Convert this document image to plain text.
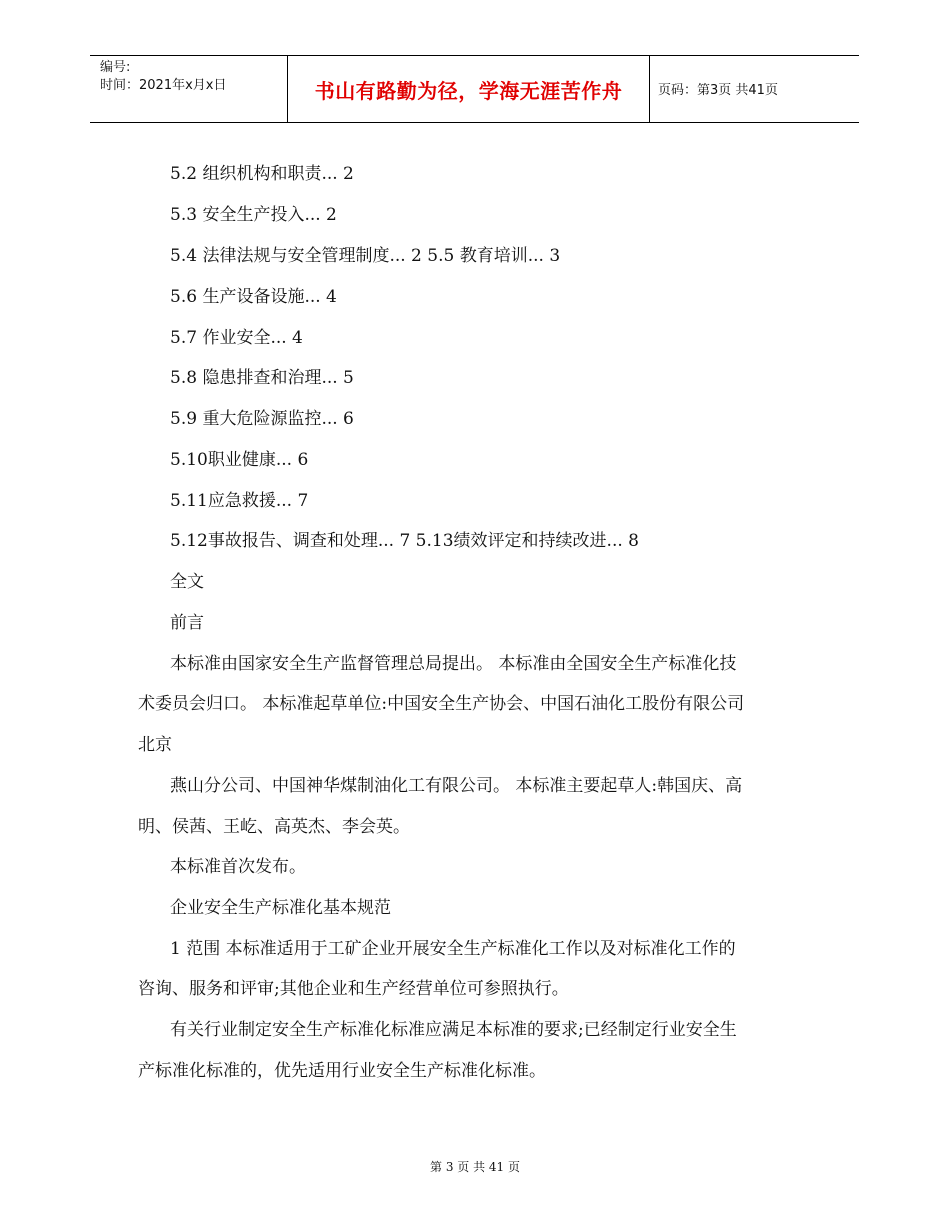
编号:
时间：2021年x月x日	书山有路勤为径，学海无涯苦作舟	页码：第3页 共41页
5.2 组织机构和职责... 2
5.3 安全生产投入... 2
5.4 法律法规与安全管理制度... 2 5.5 教育培训... 3
5.6 生产设备设施... 4
5.7 作业安全... 4
5.8 隐患排查和治理... 5
5.9 重大危险源监控... 6
5.10职业健康... 6
5.11应急救援... 7
5.12事故报告、调查和处理... 7 5.13绩效评定和持续改进... 8
全文
前言
本标准由国家安全生产监督管理总局提出。 本标准由全国安全生产标准化技
术委员会归口。 本标准起草单位:中国安全生产协会、中国石油化工股份有限公司
北京
燕山分公司、中国神华煤制油化工有限公司。 本标准主要起草人:韩国庆、高
明、侯茜、王屹、高英杰、李会英。
本标准首次发布。
企业安全生产标准化基本规范
1 范围 本标准适用于工矿企业开展安全生产标准化工作以及对标准化工作的
咨询、服务和评审;其他企业和生产经营单位可参照执行。
有关行业制定安全生产标准化标准应满足本标准的要求;已经制定行业安全生
产标准化标准的，优先适用行业安全生产标准化标准。
第 3 页 共 41 页
